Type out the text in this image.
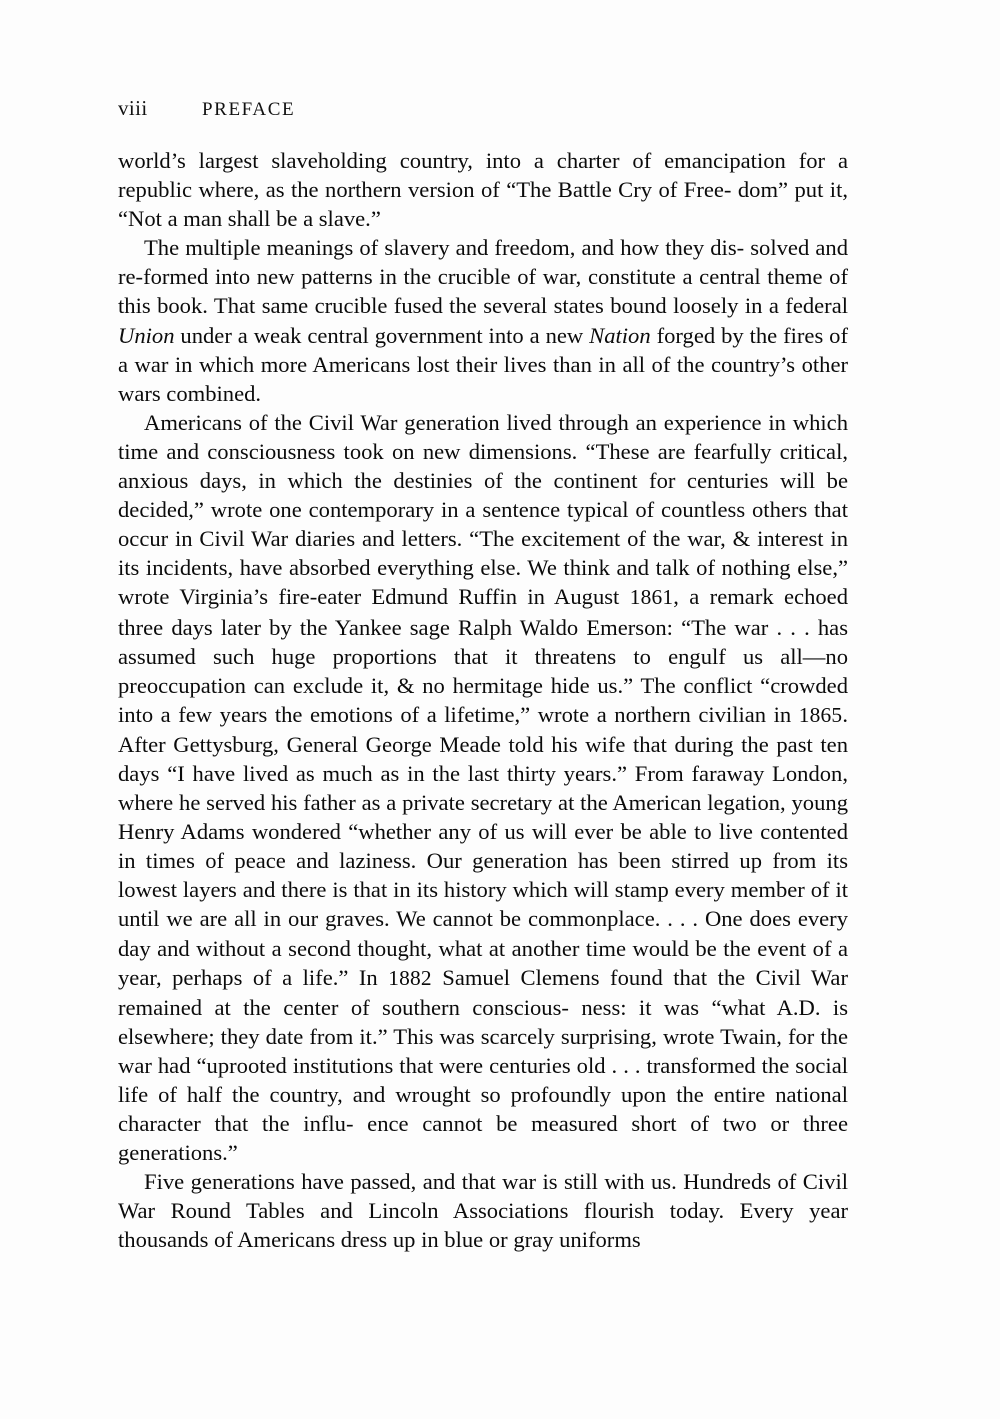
viii	PREFACE

world’s largest slaveholding country, into a charter of emancipation for a republic where, as the northern version of “The Battle Cry of Free- dom” put it, “Not a man shall be a slave.”

The multiple meanings of slavery and freedom, and how they dis- solved and re-formed into new patterns in the crucible of war, constitute a central theme of this book. That same crucible fused the several states bound loosely in a federal Union under a weak central government into a new Nation forged by the fires of a war in which more Americans lost their lives than in all of the country’s other wars combined.

Americans of the Civil War generation lived through an experience in which time and consciousness took on new dimensions. “These are fearfully critical, anxious days, in which the destinies of the continent for centuries will be decided,” wrote one contemporary in a sentence typical of countless others that occur in Civil War diaries and letters. “The excitement of the war, & interest in its incidents, have absorbed everything else. We think and talk of nothing else,” wrote Virginia’s fire-eater Edmund Ruffin in August 1861, a remark echoed three days later by the Yankee sage Ralph Waldo Emerson: “The war . . . has assumed such huge proportions that it threatens to engulf us all—no preoccupation can exclude it, & no hermitage hide us.” The conflict “crowded into a few years the emotions of a lifetime,” wrote a northern civilian in 1865. After Gettysburg, General George Meade told his wife that during the past ten days “I have lived as much as in the last thirty years.” From faraway London, where he served his father as a private secretary at the American legation, young Henry Adams wondered “whether any of us will ever be able to live contented in times of peace and laziness. Our generation has been stirred up from its lowest layers and there is that in its history which will stamp every member of it until we are all in our graves. We cannot be commonplace. . . . One does every day and without a second thought, what at another time would be the event of a year, perhaps of a life.” In 1882 Samuel Clemens found that the Civil War remained at the center of southern conscious- ness: it was “what A.D. is elsewhere; they date from it.” This was scarcely surprising, wrote Twain, for the war had “uprooted institutions that were centuries old . . . transformed the social life of half the country, and wrought so profoundly upon the entire national character that the influ- ence cannot be measured short of two or three generations.”

Five generations have passed, and that war is still with us. Hundreds of Civil War Round Tables and Lincoln Associations flourish today. Every year thousands of Americans dress up in blue or gray uniforms
